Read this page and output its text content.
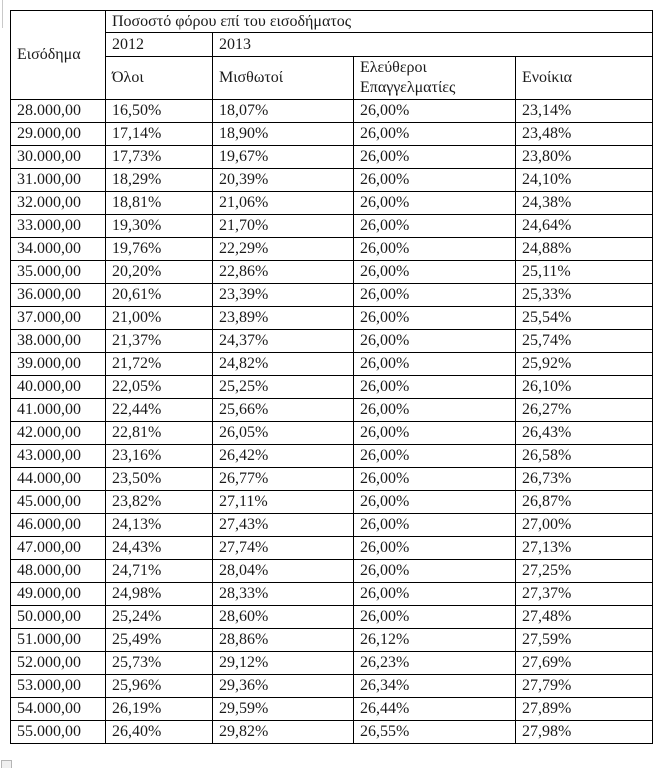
Εισόδημα	Ποσοστό φόρου επί του εισοδήματος			
	2012	2013		
	Όλοι	Μισθωτοί	Ελεύθεροι Επαγγελματίες	Ενοίκια
28.000,00	16,50%	18,07%	26,00%	23,14%
29.000,00	17,14%	18,90%	26,00%	23,48%
30.000,00	17,73%	19,67%	26,00%	23,80%
31.000,00	18,29%	20,39%	26,00%	24,10%
32.000,00	18,81%	21,06%	26,00%	24,38%
33.000,00	19,30%	21,70%	26,00%	24,64%
34.000,00	19,76%	22,29%	26,00%	24,88%
35.000,00	20,20%	22,86%	26,00%	25,11%
36.000,00	20,61%	23,39%	26,00%	25,33%
37.000,00	21,00%	23,89%	26,00%	25,54%
38.000,00	21,37%	24,37%	26,00%	25,74%
39.000,00	21,72%	24,82%	26,00%	25,92%
40.000,00	22,05%	25,25%	26,00%	26,10%
41.000,00	22,44%	25,66%	26,00%	26,27%
42.000,00	22,81%	26,05%	26,00%	26,43%
43.000,00	23,16%	26,42%	26,00%	26,58%
44.000,00	23,50%	26,77%	26,00%	26,73%
45.000,00	23,82%	27,11%	26,00%	26,87%
46.000,00	24,13%	27,43%	26,00%	27,00%
47.000,00	24,43%	27,74%	26,00%	27,13%
48.000,00	24,71%	28,04%	26,00%	27,25%
49.000,00	24,98%	28,33%	26,00%	27,37%
50.000,00	25,24%	28,60%	26,00%	27,48%
51.000,00	25,49%	28,86%	26,12%	27,59%
52.000,00	25,73%	29,12%	26,23%	27,69%
53.000,00	25,96%	29,36%	26,34%	27,79%
54.000,00	26,19%	29,59%	26,44%	27,89%
55.000,00	26,40%	29,82%	26,55%	27,98%
